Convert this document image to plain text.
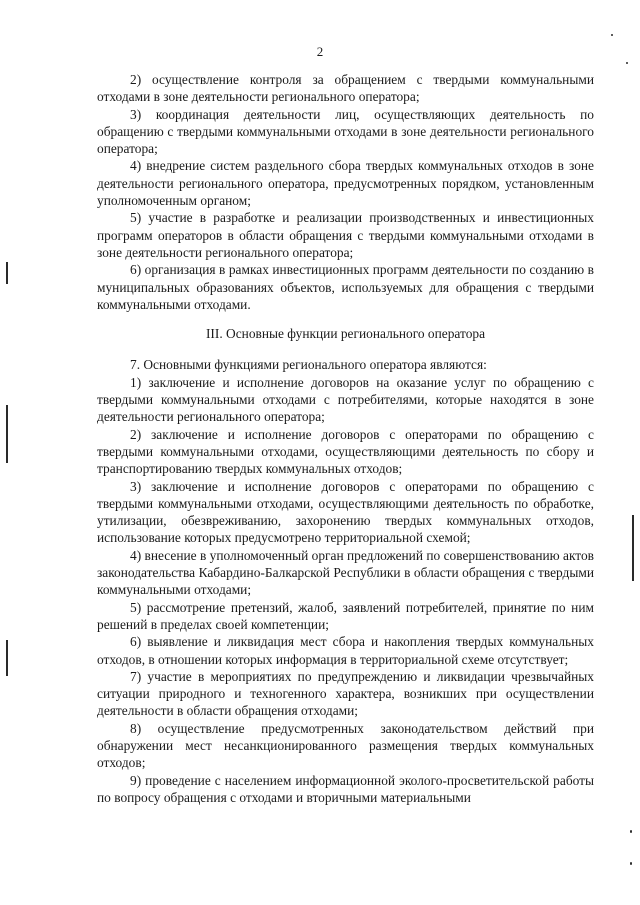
2

2) осуществление контроля за обращением с твердыми коммунальными отходами в зоне деятельности регионального оператора;

3) координация деятельности лиц, осуществляющих деятельность по обращению с твердыми коммунальными отходами в зоне деятельности регионального оператора;

4) внедрение систем раздельного сбора твердых коммунальных отходов в зоне деятельности регионального оператора, предусмотренных порядком, установленным уполномоченным органом;

5) участие в разработке и реализации производственных и инвестиционных программ операторов в области обращения с твердыми коммунальными отходами в зоне деятельности регионального оператора;

6) организация в рамках инвестиционных программ деятельности по созданию в муниципальных образованиях объектов, используемых для обращения с твердыми коммунальными отходами.

III. Основные функции регионального оператора

7. Основными функциями регионального оператора являются:

1) заключение и исполнение договоров на оказание услуг по обращению с твердыми коммунальными отходами с потребителями, которые находятся в зоне деятельности регионального оператора;

2) заключение и исполнение договоров с операторами по обращению с твердыми коммунальными отходами, осуществляющими деятельность по сбору и транспортированию твердых коммунальных отходов;

3) заключение и исполнение договоров с операторами по обращению с твердыми коммунальными отходами, осуществляющими деятельность по обработке, утилизации, обезвреживанию, захоронению твердых коммунальных отходов, использование которых предусмотрено территориальной схемой;

4) внесение в уполномоченный орган предложений по совершенствованию актов законодательства Кабардино-Балкарской Республики в области обращения с твердыми коммунальными отходами;

5) рассмотрение претензий, жалоб, заявлений потребителей, принятие по ним решений в пределах своей компетенции;

6) выявление и ликвидация мест сбора и накопления твердых коммунальных отходов, в отношении которых информация в территориальной схеме отсутствует;

7) участие в мероприятиях по предупреждению и ликвидации чрезвычайных ситуации природного и техногенного характера, возникших при осуществлении деятельности в области обращения отходами;

8) осуществление предусмотренных законодательством действий при обнаружении мест несанкционированного размещения твердых коммунальных отходов;

9) проведение с населением информационной эколого-просветительской работы по вопросу обращения с отходами и вторичными материальными
